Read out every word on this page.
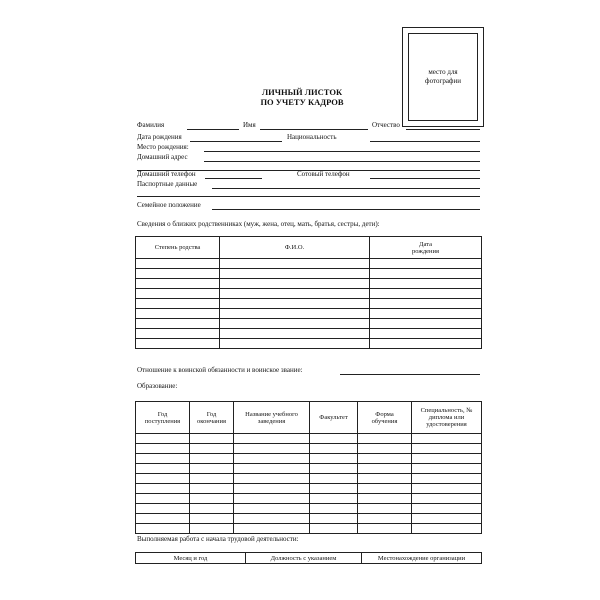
место для фотографии
ЛИЧНЫЙ ЛИСТОК
ПО УЧЕТУ КАДРОВ
Фамилия	Имя	Отчество
Дата рождения	Национальность
Место рождения:
Домашний адрес
Домашний телефон	Сотовый телефон
Паспортные данные
Семейное положение
Сведения о близких родственниках (муж, жена, отец, мать, братья, сестры, дети):
Степень родства	Ф.И.О.	Дата рождения

Отношение к воинской обязанности и воинское звание:
Образование:
Год поступления	Год окончания	Название учебного заведения	Факультет	Форма обучения	Специальность, № диплома или удостоверения

Выполняемая работа с начала трудовой деятельности:
Месяц и год	Должность с указанием	Местонахождение организации
